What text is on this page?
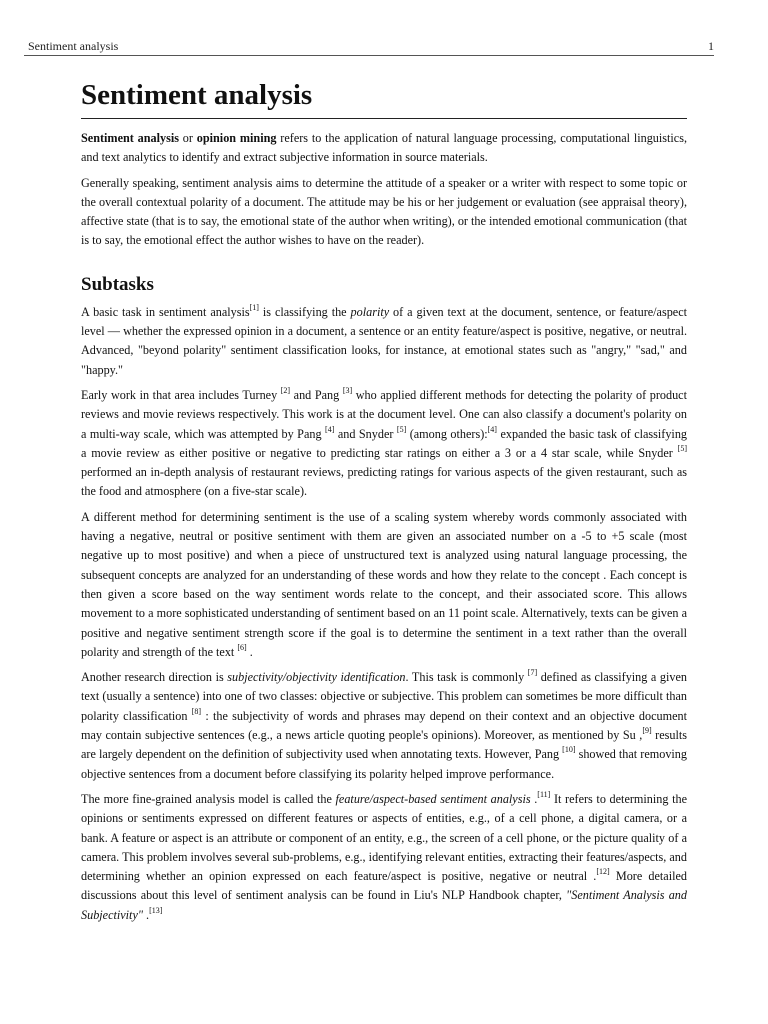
Sentiment analysis	1
Sentiment analysis

Sentiment analysis or opinion mining refers to the application of natural language processing, computational linguistics, and text analytics to identify and extract subjective information in source materials.

Generally speaking, sentiment analysis aims to determine the attitude of a speaker or a writer with respect to some topic or the overall contextual polarity of a document. The attitude may be his or her judgement or evaluation (see appraisal theory), affective state (that is to say, the emotional state of the author when writing), or the intended emotional communication (that is to say, the emotional effect the author wishes to have on the reader).

Subtasks

A basic task in sentiment analysis[1] is classifying the polarity of a given text at the document, sentence, or feature/aspect level — whether the expressed opinion in a document, a sentence or an entity feature/aspect is positive, negative, or neutral. Advanced, "beyond polarity" sentiment classification looks, for instance, at emotional states such as "angry," "sad," and "happy."

Early work in that area includes Turney [2] and Pang [3] who applied different methods for detecting the polarity of product reviews and movie reviews respectively. This work is at the document level. One can also classify a document's polarity on a multi-way scale, which was attempted by Pang [4] and Snyder [5] (among others):[4] expanded the basic task of classifying a movie review as either positive or negative to predicting star ratings on either a 3 or a 4 star scale, while Snyder [5] performed an in-depth analysis of restaurant reviews, predicting ratings for various aspects of the given restaurant, such as the food and atmosphere (on a five-star scale).

A different method for determining sentiment is the use of a scaling system whereby words commonly associated with having a negative, neutral or positive sentiment with them are given an associated number on a -5 to +5 scale (most negative up to most positive) and when a piece of unstructured text is analyzed using natural language processing, the subsequent concepts are analyzed for an understanding of these words and how they relate to the concept . Each concept is then given a score based on the way sentiment words relate to the concept, and their associated score. This allows movement to a more sophisticated understanding of sentiment based on an 11 point scale. Alternatively, texts can be given a positive and negative sentiment strength score if the goal is to determine the sentiment in a text rather than the overall polarity and strength of the text [6] .

Another research direction is subjectivity/objectivity identification. This task is commonly [7] defined as classifying a given text (usually a sentence) into one of two classes: objective or subjective. This problem can sometimes be more difficult than polarity classification [8] : the subjectivity of words and phrases may depend on their context and an objective document may contain subjective sentences (e.g., a news article quoting people's opinions). Moreover, as mentioned by Su ,[9] results are largely dependent on the definition of subjectivity used when annotating texts. However, Pang [10] showed that removing objective sentences from a document before classifying its polarity helped improve performance.

The more fine-grained analysis model is called the feature/aspect-based sentiment analysis .[11] It refers to determining the opinions or sentiments expressed on different features or aspects of entities, e.g., of a cell phone, a digital camera, or a bank. A feature or aspect is an attribute or component of an entity, e.g., the screen of a cell phone, or the picture quality of a camera. This problem involves several sub-problems, e.g., identifying relevant entities, extracting their features/aspects, and determining whether an opinion expressed on each feature/aspect is positive, negative or neutral .[12] More detailed discussions about this level of sentiment analysis can be found in Liu's NLP Handbook chapter, "Sentiment Analysis and Subjectivity" .[13]
